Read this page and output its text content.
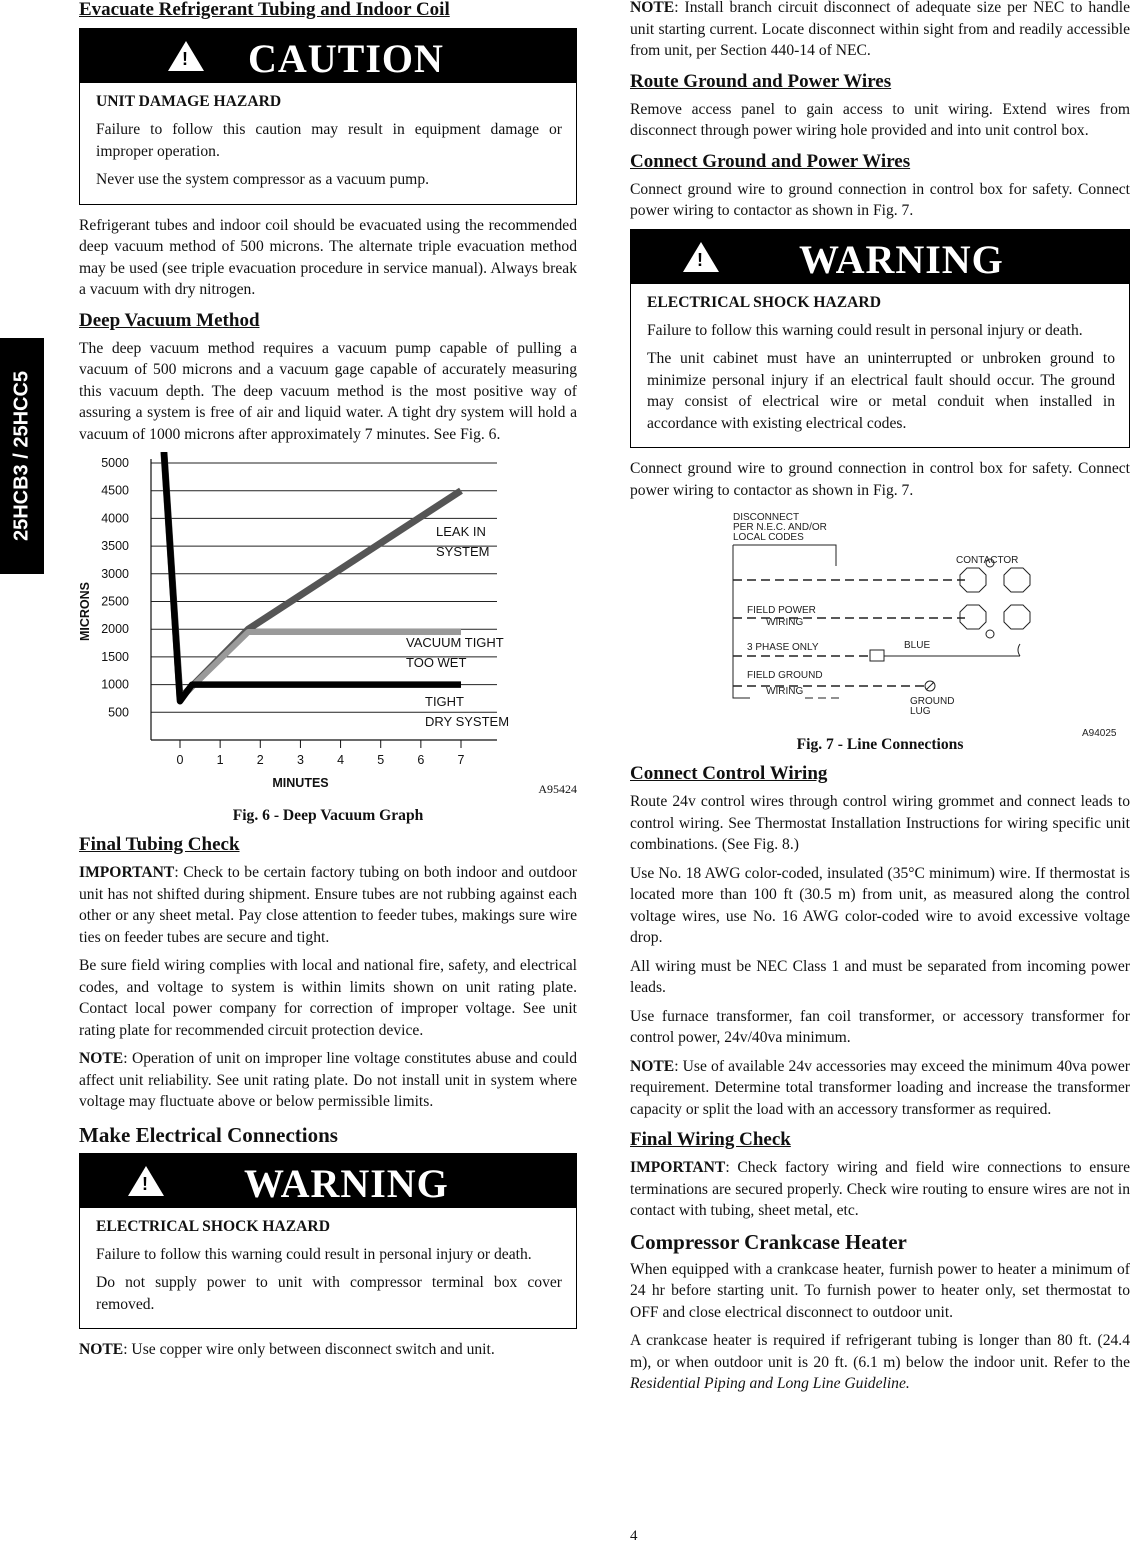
25HCB3 / 25HCC5
Evacuate Refrigerant Tubing and Indoor Coil
! CAUTION
UNIT DAMAGE HAZARD

Failure to follow this caution may result in equipment damage or improper operation.

Never use the system compressor as a vacuum pump.

Refrigerant tubes and indoor coil should be evacuated using the recommended deep vacuum method of 500 microns. The alternate triple evacuation method may be used (see triple evacuation procedure in service manual). Always break a vacuum with dry nitrogen.

Deep Vacuum Method

The deep vacuum method requires a vacuum pump capable of pulling a vacuum of 500 microns and a vacuum gage capable of accurately measuring this vacuum depth. The deep vacuum method is the most positive way of assuring a system is free of air and liquid water. A tight dry system will hold a vacuum of 1000 microns after approximately 7 minutes. See Fig. 6.

500
1000
1500
2000
2500
3000
3500
4000
4500
5000
0	1	2	3	4	5	6	7
MINUTES
MICRONS
LEAK IN
SYSTEM
VACUUM TIGHT
TOO WET
TIGHT
DRY SYSTEM
A95424
Fig. 6 - Deep Vacuum Graph
Final Tubing Check

IMPORTANT: Check to be certain factory tubing on both indoor and outdoor unit has not shifted during shipment. Ensure tubes are not rubbing against each other or any sheet metal. Pay close attention to feeder tubes, makings sure wire ties on feeder tubes are secure and tight.

Be sure field wiring complies with local and national fire, safety, and electrical codes, and voltage to system is within limits shown on unit rating plate. Contact local power company for correction of improper voltage. See unit rating plate for recommended circuit protection device.

NOTE: Operation of unit on improper line voltage constitutes abuse and could affect unit reliability. See unit rating plate. Do not install unit in system where voltage may fluctuate above or below permissible limits.

Make Electrical Connections
! WARNING
ELECTRICAL SHOCK HAZARD

Failure to follow this warning could result in personal injury or death.

Do not supply power to unit with compressor terminal box cover removed.

NOTE: Use copper wire only between disconnect switch and unit.

NOTE: Install branch circuit disconnect of adequate size per NEC to handle unit starting current. Locate disconnect within sight from and readily accessible from unit, per Section 440-14 of NEC.

Route Ground and Power Wires

Remove access panel to gain access to unit wiring. Extend wires from disconnect through power wiring hole provided and into unit control box.

Connect Ground and Power Wires

Connect ground wire to ground connection in control box for safety. Connect power wiring to contactor as shown in Fig. 7.

! WARNING
ELECTRICAL SHOCK HAZARD

Failure to follow this warning could result in personal injury or death.

The unit cabinet must have an uninterrupted or unbroken ground to minimize personal injury if an electrical fault should occur. The ground may consist of electrical wire or metal conduit when installed in accordance with existing electrical codes.

Connect ground wire to ground connection in control box for safety. Connect power wiring to contactor as shown in Fig. 7.

DISCONNECT
PER N.E.C. AND/OR
LOCAL CODES
CONTACTOR
FIELD POWER
WIRING
3 PHASE ONLY	BLUE
FIELD GROUND
WIRING
GROUND
LUG
A94025
Fig. 7 - Line Connections
Connect Control Wiring

Route 24v control wires through control wiring grommet and connect leads to control wiring. See Thermostat Installation Instructions for wiring specific unit combinations. (See Fig. 8.)

Use No. 18 AWG color-coded, insulated (35°C minimum) wire. If thermostat is located more than 100 ft (30.5 m) from unit, as measured along the control voltage wires, use No. 16 AWG color-coded wire to avoid excessive voltage drop.

All wiring must be NEC Class 1 and must be separated from incoming power leads.

Use furnace transformer, fan coil transformer, or accessory transformer for control power, 24v/40va minimum.

NOTE: Use of available 24v accessories may exceed the minimum 40va power requirement. Determine total transformer loading and increase the transformer capacity or split the load with an accessory transformer as required.

Final Wiring Check

IMPORTANT: Check factory wiring and field wire connections to ensure terminations are secured properly. Check wire routing to ensure wires are not in contact with tubing, sheet metal, etc.

Compressor Crankcase Heater

When equipped with a crankcase heater, furnish power to heater a minimum of 24 hr before starting unit. To furnish power to heater only, set thermostat to OFF and close electrical disconnect to outdoor unit.

A crankcase heater is required if refrigerant tubing is longer than 80 ft. (24.4 m), or when outdoor unit is 20 ft. (6.1 m) below the indoor unit. Refer to the Residential Piping and Long Line Guideline.

4
